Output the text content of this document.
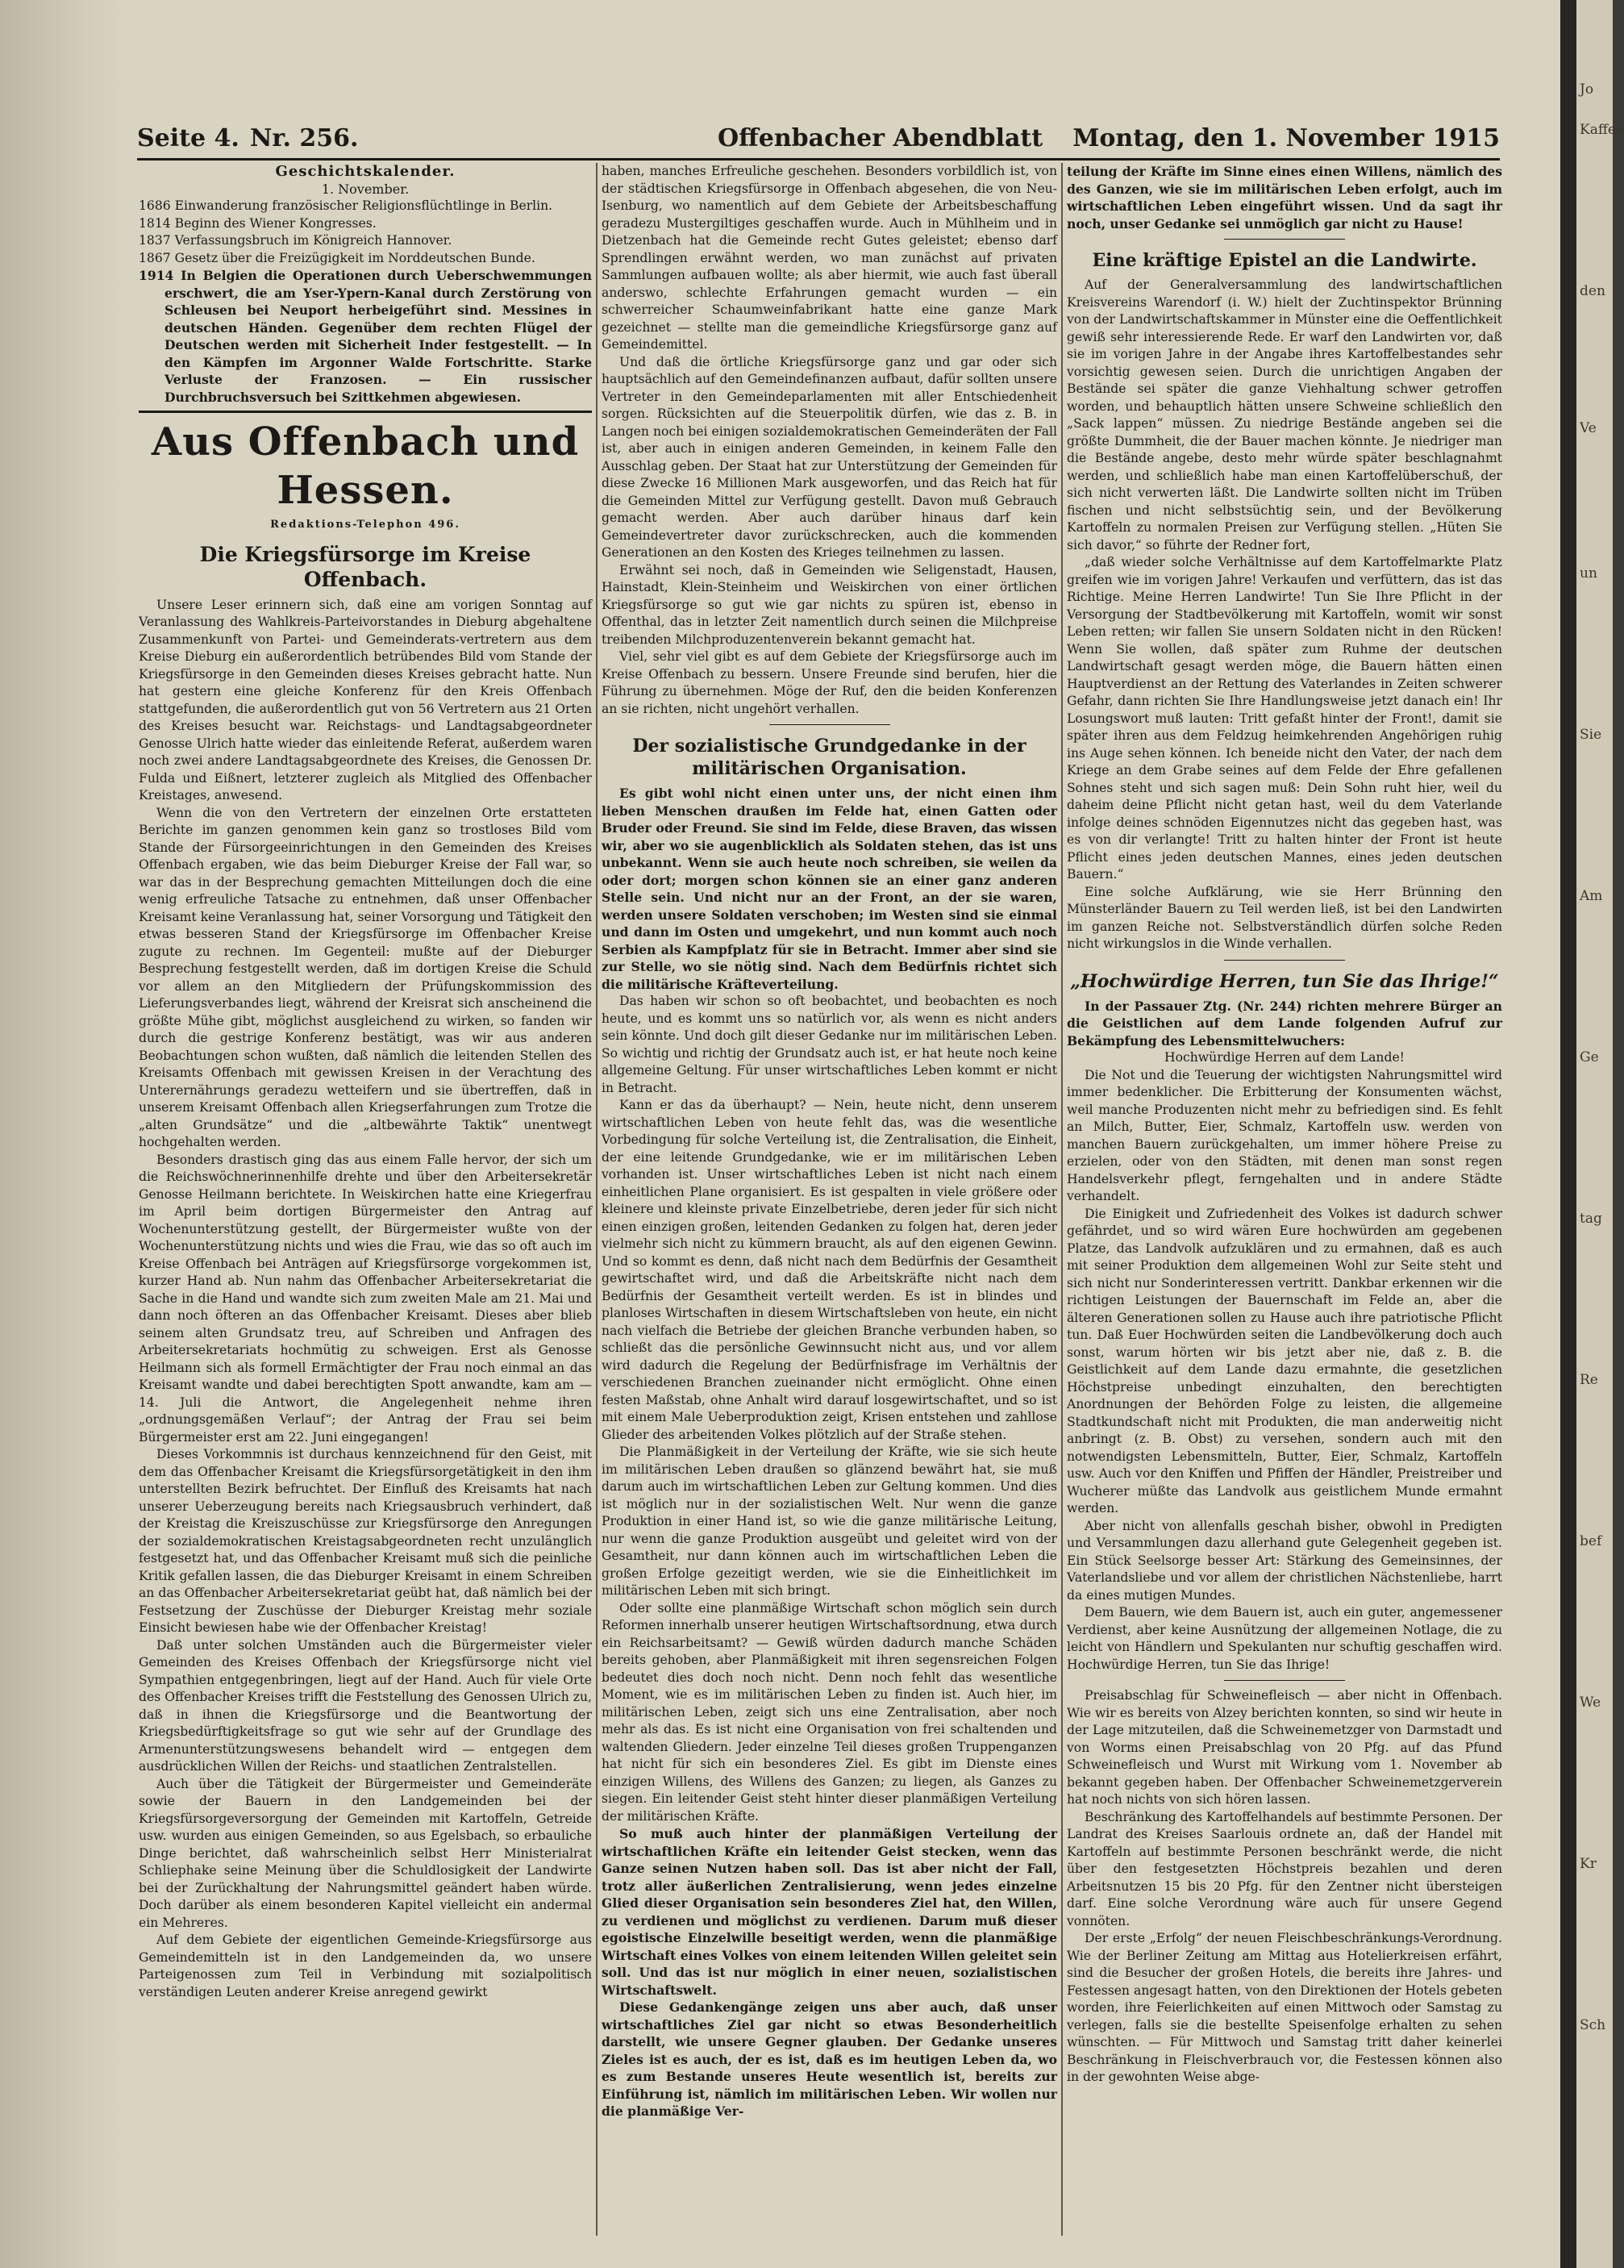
Seite 4. Nr. 256.	Offenbacher Abendblatt Montag, den 1. November 1915
Geschichtskalender.
1. November.
1686 Einwanderung französischer Religionsflüchtlinge in Berlin.
1814 Beginn des Wiener Kongresses.
1837 Verfassungsbruch im Königreich Hannover.
1867 Gesetz über die Freizügigkeit im Norddeutschen Bunde.
1914 In Belgien die Operationen durch Ueberschwemmungen erschwert, die am Yser-Ypern-Kanal durch Zerstörung von Schleusen bei Neuport herbeigeführt sind. Messines in deutschen Händen. Gegenüber dem rechten Flügel der Deutschen werden mit Sicherheit Inder festgestellt. — In den Kämpfen im Argonner Walde Fortschritte. Starke Verluste der Franzosen. — Ein russischer Durchbruchsversuch bei Szittkehmen abgewiesen.
Aus Offenbach und Hessen.
Redaktions-Telephon 496.
Die Kriegsfürsorge im Kreise Offenbach.

Unsere Leser erinnern sich, daß eine am vorigen Sonntag auf Veranlassung des Wahlkreis-Parteivorstandes in Dieburg abgehaltene Zusammenkunft von Partei- und Gemeinderats-vertretern aus dem Kreise Dieburg ein außerordentlich betrübendes Bild vom Stande der Kriegsfürsorge in den Gemeinden dieses Kreises gebracht hatte. Nun hat gestern eine gleiche Konferenz für den Kreis Offenbach stattgefunden, die außerordentlich gut von 56 Vertretern aus 21 Orten des Kreises besucht war. Reichstags- und Landtagsabgeordneter Genosse Ulrich hatte wieder das einleitende Referat, außerdem waren noch zwei andere Landtagsabgeordnete des Kreises, die Genossen Dr. Fulda und Eißnert, letzterer zugleich als Mitglied des Offenbacher Kreistages, anwesend.

Wenn die von den Vertretern der einzelnen Orte erstatteten Berichte im ganzen genommen kein ganz so trostloses Bild vom Stande der Fürsorgeeinrichtungen in den Gemeinden des Kreises Offenbach ergaben, wie das beim Dieburger Kreise der Fall war, so war das in der Besprechung gemachten Mitteilungen doch die eine wenig erfreuliche Tatsache zu entnehmen, daß unser Offenbacher Kreisamt keine Veranlassung hat, seiner Vorsorgung und Tätigkeit den etwas besseren Stand der Kriegsfürsorge im Offenbacher Kreise zugute zu rechnen. Im Gegenteil: mußte auf der Dieburger Besprechung festgestellt werden, daß im dortigen Kreise die Schuld vor allem an den Mitgliedern der Prüfungskommission des Lieferungsverbandes liegt, während der Kreisrat sich anscheinend die größte Mühe gibt, möglichst ausgleichend zu wirken, so fanden wir durch die gestrige Konferenz bestätigt, was wir aus anderen Beobachtungen schon wußten, daß nämlich die leitenden Stellen des Kreisamts Offenbach mit gewissen Kreisen in der Verachtung des Unterernährungs geradezu wetteifern und sie übertreffen, daß in unserem Kreisamt Offenbach allen Kriegserfahrungen zum Trotze die „alten Grundsätze“ und die „altbewährte Taktik“ unentwegt hochgehalten werden.

Besonders drastisch ging das aus einem Falle hervor, der sich um die Reichswöchnerinnenhilfe drehte und über den Arbeitersekretär Genosse Heilmann berichtete. In Weiskirchen hatte eine Kriegerfrau im April beim dortigen Bürgermeister den Antrag auf Wochenunterstützung gestellt, der Bürgermeister wußte von der Wochenunterstützung nichts und wies die Frau, wie das so oft auch im Kreise Offenbach bei Anträgen auf Kriegsfürsorge vorgekommen ist, kurzer Hand ab. Nun nahm das Offenbacher Arbeitersekretariat die Sache in die Hand und wandte sich zum zweiten Male am 21. Mai und dann noch öfteren an das Offenbacher Kreisamt. Dieses aber blieb seinem alten Grundsatz treu, auf Schreiben und Anfragen des Arbeitersekretariats hochmütig zu schweigen. Erst als Genosse Heilmann sich als formell Ermächtigter der Frau noch einmal an das Kreisamt wandte und dabei berechtigten Spott anwandte, kam am — 14. Juli die Antwort, die Angelegenheit nehme ihren „ordnungsgemäßen Verlauf“; der Antrag der Frau sei beim Bürgermeister erst am 22. Juni eingegangen!

Dieses Vorkommnis ist durchaus kennzeichnend für den Geist, mit dem das Offenbacher Kreisamt die Kriegsfürsorgetätigkeit in den ihm unterstellten Bezirk befruchtet. Der Einfluß des Kreisamts hat nach unserer Ueberzeugung bereits nach Kriegsausbruch verhindert, daß der Kreistag die Kreiszuschüsse zur Kriegsfürsorge den Anregungen der sozialdemokratischen Kreistagsabgeordneten recht unzulänglich festgesetzt hat, und das Offenbacher Kreisamt muß sich die peinliche Kritik gefallen lassen, die das Dieburger Kreisamt in einem Schreiben an das Offenbacher Arbeitersekretariat geübt hat, daß nämlich bei der Festsetzung der Zuschüsse der Dieburger Kreistag mehr soziale Einsicht bewiesen habe wie der Offenbacher Kreistag!

Daß unter solchen Umständen auch die Bürgermeister vieler Gemeinden des Kreises Offenbach der Kriegsfürsorge nicht viel Sympathien entgegenbringen, liegt auf der Hand. Auch für viele Orte des Offenbacher Kreises trifft die Feststellung des Genossen Ulrich zu, daß in ihnen die Kriegsfürsorge und die Beantwortung der Kriegsbedürftigkeitsfrage so gut wie sehr auf der Grundlage des Armenunterstützungswesens behandelt wird — entgegen dem ausdrücklichen Willen der Reichs- und staatlichen Zentralstellen.

Auch über die Tätigkeit der Bürgermeister und Gemeinderäte sowie der Bauern in den Landgemeinden bei der Kriegsfürsorgeversorgung der Gemeinden mit Kartoffeln, Getreide usw. wurden aus einigen Gemeinden, so aus Egelsbach, so erbauliche Dinge berichtet, daß wahrscheinlich selbst Herr Ministerialrat Schliephake seine Meinung über die Schuldlosigkeit der Landwirte bei der Zurückhaltung der Nahrungsmittel geändert haben würde. Doch darüber als einem besonderen Kapitel vielleicht ein andermal ein Mehreres.

Auf dem Gebiete der eigentlichen Gemeinde-Kriegsfürsorge aus Gemeindemitteln ist in den Landgemeinden da, wo unsere Parteigenossen zum Teil in Verbindung mit sozialpolitisch verständigen Leuten anderer Kreise anregend gewirkt

haben, manches Erfreuliche geschehen. Besonders vorbildlich ist, von der städtischen Kriegsfürsorge in Offenbach abgesehen, die von Neu-Isenburg, wo namentlich auf dem Gebiete der Arbeitsbeschaffung geradezu Mustergiltiges geschaffen wurde. Auch in Mühlheim und in Dietzenbach hat die Gemeinde recht Gutes geleistet; ebenso darf Sprendlingen erwähnt werden, wo man zunächst auf privaten Sammlungen aufbauen wollte; als aber hiermit, wie auch fast überall anderswo, schlechte Erfahrungen gemacht wurden — ein schwerreicher Schaumweinfabrikant hatte eine ganze Mark gezeichnet — stellte man die gemeindliche Kriegsfürsorge ganz auf Gemeindemittel.

Und daß die örtliche Kriegsfürsorge ganz und gar oder sich hauptsächlich auf den Gemeindefinanzen aufbaut, dafür sollten unsere Vertreter in den Gemeindeparlamenten mit aller Entschiedenheit sorgen. Rücksichten auf die Steuerpolitik dürfen, wie das z. B. in Langen noch bei einigen sozialdemokratischen Gemeinderäten der Fall ist, aber auch in einigen anderen Gemeinden, in keinem Falle den Ausschlag geben. Der Staat hat zur Unterstützung der Gemeinden für diese Zwecke 16 Millionen Mark ausgeworfen, und das Reich hat für die Gemeinden Mittel zur Verfügung gestellt. Davon muß Gebrauch gemacht werden. Aber auch darüber hinaus darf kein Gemeindevertreter davor zurückschrecken, auch die kommenden Generationen an den Kosten des Krieges teilnehmen zu lassen.

Erwähnt sei noch, daß in Gemeinden wie Seligenstadt, Hausen, Hainstadt, Klein-Steinheim und Weiskirchen von einer örtlichen Kriegsfürsorge so gut wie gar nichts zu spüren ist, ebenso in Offenthal, das in letzter Zeit namentlich durch seinen die Milchpreise treibenden Milchproduzentenverein bekannt gemacht hat.

Viel, sehr viel gibt es auf dem Gebiete der Kriegsfürsorge auch im Kreise Offenbach zu bessern. Unsere Freunde sind berufen, hier die Führung zu übernehmen. Möge der Ruf, den die beiden Konferenzen an sie richten, nicht ungehört verhallen.

Der sozialistische Grundgedanke in der militärischen Organisation.

Es gibt wohl nicht einen unter uns, der nicht einen ihm lieben Menschen draußen im Felde hat, einen Gatten oder Bruder oder Freund. Sie sind im Felde, diese Braven, das wissen wir, aber wo sie augenblicklich als Soldaten stehen, das ist uns unbekannt. Wenn sie auch heute noch schreiben, sie weilen da oder dort; morgen schon können sie an einer ganz anderen Stelle sein. Und nicht nur an der Front, an der sie waren, werden unsere Soldaten verschoben; im Westen sind sie einmal und dann im Osten und umgekehrt, und nun kommt auch noch Serbien als Kampfplatz für sie in Betracht. Immer aber sind sie zur Stelle, wo sie nötig sind. Nach dem Bedürfnis richtet sich die militärische Kräfteverteilung.

Das haben wir schon so oft beobachtet, und beobachten es noch heute, und es kommt uns so natürlich vor, als wenn es nicht anders sein könnte. Und doch gilt dieser Gedanke nur im militärischen Leben. So wichtig und richtig der Grundsatz auch ist, er hat heute noch keine allgemeine Geltung. Für unser wirtschaftliches Leben kommt er nicht in Betracht.

Kann er das da überhaupt? — Nein, heute nicht, denn unserem wirtschaftlichen Leben von heute fehlt das, was die wesentliche Vorbedingung für solche Verteilung ist, die Zentralisation, die Einheit, der eine leitende Grundgedanke, wie er im militärischen Leben vorhanden ist. Unser wirtschaftliches Leben ist nicht nach einem einheitlichen Plane organisiert. Es ist gespalten in viele größere oder kleinere und kleinste private Einzelbetriebe, deren jeder für sich nicht einen einzigen großen, leitenden Gedanken zu folgen hat, deren jeder vielmehr sich nicht zu kümmern braucht, als auf den eigenen Gewinn. Und so kommt es denn, daß nicht nach dem Bedürfnis der Gesamtheit gewirtschaftet wird, und daß die Arbeitskräfte nicht nach dem Bedürfnis der Gesamtheit verteilt werden. Es ist in blindes und planloses Wirtschaften in diesem Wirtschaftsleben von heute, ein nicht nach vielfach die Betriebe der gleichen Branche verbunden haben, so schließt das die persönliche Gewinnsucht nicht aus, und vor allem wird dadurch die Regelung der Bedürfnisfrage im Verhältnis der verschiedenen Branchen zueinander nicht ermöglicht. Ohne einen festen Maßstab, ohne Anhalt wird darauf losgewirtschaftet, und so ist mit einem Male Ueberproduktion zeigt, Krisen entstehen und zahllose Glieder des arbeitenden Volkes plötzlich auf der Straße stehen.

Die Planmäßigkeit in der Verteilung der Kräfte, wie sie sich heute im militärischen Leben draußen so glänzend bewährt hat, sie muß darum auch im wirtschaftlichen Leben zur Geltung kommen. Und dies ist möglich nur in der sozialistischen Welt. Nur wenn die ganze Produktion in einer Hand ist, so wie die ganze militärische Leitung, nur wenn die ganze Produktion ausgeübt und geleitet wird von der Gesamtheit, nur dann können auch im wirtschaftlichen Leben die großen Erfolge gezeitigt werden, wie sie die Einheitlichkeit im militärischen Leben mit sich bringt.

Oder sollte eine planmäßige Wirtschaft schon möglich sein durch Reformen innerhalb unserer heutigen Wirtschaftsordnung, etwa durch ein Reichsarbeitsamt? — Gewiß würden dadurch manche Schäden bereits gehoben, aber Planmäßigkeit mit ihren segensreichen Folgen bedeutet dies doch noch nicht. Denn noch fehlt das wesentliche Moment, wie es im militärischen Leben zu finden ist. Auch hier, im militärischen Leben, zeigt sich uns eine Zentralisation, aber noch mehr als das. Es ist nicht eine Organisation von frei schaltenden und waltenden Gliedern. Jeder einzelne Teil dieses großen Truppenganzen hat nicht für sich ein besonderes Ziel. Es gibt im Dienste eines einzigen Willens, des Willens des Ganzen; zu liegen, als Ganzes zu siegen. Ein leitender Geist steht hinter dieser planmäßigen Verteilung der militärischen Kräfte.

So muß auch hinter der planmäßigen Verteilung der wirtschaftlichen Kräfte ein leitender Geist stecken, wenn das Ganze seinen Nutzen haben soll. Das ist aber nicht der Fall, trotz aller äußerlichen Zentralisierung, wenn jedes einzelne Glied dieser Organisation sein besonderes Ziel hat, den Willen, zu verdienen und möglichst zu verdienen. Darum muß dieser egoistische Einzelwille beseitigt werden, wenn die planmäßige Wirtschaft eines Volkes von einem leitenden Willen geleitet sein soll. Und das ist nur möglich in einer neuen, sozialistischen Wirtschaftswelt.

Diese Gedankengänge zeigen uns aber auch, daß unser wirtschaftliches Ziel gar nicht so etwas Besonderheitlich darstellt, wie unsere Gegner glauben. Der Gedanke unseres Zieles ist es auch, der es ist, daß es im heutigen Leben da, wo es zum Bestande unseres Heute wesentlich ist, bereits zur Einführung ist, nämlich im militärischen Leben. Wir wollen nur die planmäßige Ver-

teilung der Kräfte im Sinne eines einen Willens, nämlich des des Ganzen, wie sie im militärischen Leben erfolgt, auch im wirtschaftlichen Leben eingeführt wissen. Und da sagt ihr noch, unser Gedanke sei unmöglich gar nicht zu Hause!

Eine kräftige Epistel an die Landwirte.

Auf der Generalversammlung des landwirtschaftlichen Kreisvereins Warendorf (i. W.) hielt der Zuchtinspektor Brünning von der Landwirtschaftskammer in Münster eine die Oeffentlichkeit gewiß sehr interessierende Rede. Er warf den Landwirten vor, daß sie im vorigen Jahre in der Angabe ihres Kartoffelbestandes sehr vorsichtig gewesen seien. Durch die unrichtigen Angaben der Bestände sei später die ganze Viehhaltung schwer getroffen worden, und behauptlich hätten unsere Schweine schließlich den „Sack lappen“ müssen. Zu niedrige Bestände angeben sei die größte Dummheit, die der Bauer machen könnte. Je niedriger man die Bestände angebe, desto mehr würde später beschlagnahmt werden, und schließlich habe man einen Kartoffelüberschuß, der sich nicht verwerten läßt. Die Landwirte sollten nicht im Trüben fischen und nicht selbstsüchtig sein, und der Bevölkerung Kartoffeln zu normalen Preisen zur Verfügung stellen. „Hüten Sie sich davor,“ so führte der Redner fort,

„daß wieder solche Verhältnisse auf dem Kartoffelmarkte Platz greifen wie im vorigen Jahre! Verkaufen und verfüttern, das ist das Richtige. Meine Herren Landwirte! Tun Sie Ihre Pflicht in der Versorgung der Stadtbevölkerung mit Kartoffeln, womit wir sonst Leben retten; wir fallen Sie unsern Soldaten nicht in den Rücken! Wenn Sie wollen, daß später zum Ruhme der deutschen Landwirtschaft gesagt werden möge, die Bauern hätten einen Hauptverdienst an der Rettung des Vaterlandes in Zeiten schwerer Gefahr, dann richten Sie Ihre Handlungsweise jetzt danach ein! Ihr Losungswort muß lauten: Tritt gefaßt hinter der Front!, damit sie später ihren aus dem Feldzug heimkehrenden Angehörigen ruhig ins Auge sehen können. Ich beneide nicht den Vater, der nach dem Kriege an dem Grabe seines auf dem Felde der Ehre gefallenen Sohnes steht und sich sagen muß: Dein Sohn ruht hier, weil du daheim deine Pflicht nicht getan hast, weil du dem Vaterlande infolge deines schnöden Eigennutzes nicht das gegeben hast, was es von dir verlangte! Tritt zu halten hinter der Front ist heute Pflicht eines jeden deutschen Mannes, eines jeden deutschen Bauern.“

Eine solche Aufklärung, wie sie Herr Brünning den Münsterländer Bauern zu Teil werden ließ, ist bei den Landwirten im ganzen Reiche not. Selbstverständlich dürfen solche Reden nicht wirkungslos in die Winde verhallen.

„Hochwürdige Herren, tun Sie das Ihrige!“

In der Passauer Ztg. (Nr. 244) richten mehrere Bürger an die Geistlichen auf dem Lande folgenden Aufruf zur Bekämpfung des Lebensmittelwuchers:

Hochwürdige Herren auf dem Lande!

Die Not und die Teuerung der wichtigsten Nahrungsmittel wird immer bedenklicher. Die Erbitterung der Konsumenten wächst, weil manche Produzenten nicht mehr zu befriedigen sind. Es fehlt an Milch, Butter, Eier, Schmalz, Kartoffeln usw. werden von manchen Bauern zurückgehalten, um immer höhere Preise zu erzielen, oder von den Städten, mit denen man sonst regen Handelsverkehr pflegt, ferngehalten und in andere Städte verhandelt.

Die Einigkeit und Zufriedenheit des Volkes ist dadurch schwer gefährdet, und so wird wären Eure hochwürden am gegebenen Platze, das Landvolk aufzuklären und zu ermahnen, daß es auch mit seiner Produktion dem allgemeinen Wohl zur Seite steht und sich nicht nur Sonderinteressen vertritt. Dankbar erkennen wir die richtigen Leistungen der Bauernschaft im Felde an, aber die älteren Generationen sollen zu Hause auch ihre patriotische Pflicht tun. Daß Euer Hochwürden seiten die Landbevölkerung doch auch sonst, warum hörten wir bis jetzt aber nie, daß z. B. die Geistlichkeit auf dem Lande dazu ermahnte, die gesetzlichen Höchstpreise unbedingt einzuhalten, den berechtigten Anordnungen der Behörden Folge zu leisten, die allgemeine Stadtkundschaft nicht mit Produkten, die man anderweitig nicht anbringt (z. B. Obst) zu versehen, sondern auch mit den notwendigsten Lebensmitteln, Butter, Eier, Schmalz, Kartoffeln usw. Auch vor den Kniffen und Pfiffen der Händler, Preistreiber und Wucherer müßte das Landvolk aus geistlichem Munde ermahnt werden.

Aber nicht von allenfalls geschah bisher, obwohl in Predigten und Versammlungen dazu allerhand gute Gelegenheit gegeben ist. Ein Stück Seelsorge besser Art: Stärkung des Gemeinsinnes, der Vaterlandsliebe und vor allem der christlichen Nächstenliebe, harrt da eines mutigen Mundes.

Dem Bauern, wie dem Bauern ist, auch ein guter, angemessener Verdienst, aber keine Ausnützung der allgemeinen Notlage, die zu leicht von Händlern und Spekulanten nur schuftig geschaffen wird. Hochwürdige Herren, tun Sie das Ihrige!

Preisabschlag für Schweinefleisch — aber nicht in Offenbach. Wie wir es bereits von Alzey berichten konnten, so sind wir heute in der Lage mitzuteilen, daß die Schweinemetzger von Darmstadt und von Worms einen Preisabschlag von 20 Pfg. auf das Pfund Schweinefleisch und Wurst mit Wirkung vom 1. November ab bekannt gegeben haben. Der Offenbacher Schweinemetzgerverein hat noch nichts von sich hören lassen.

Beschränkung des Kartoffelhandels auf bestimmte Personen. Der Landrat des Kreises Saarlouis ordnete an, daß der Handel mit Kartoffeln auf bestimmte Personen beschränkt werde, die nicht über den festgesetzten Höchstpreis bezahlen und deren Arbeitsnutzen 15 bis 20 Pfg. für den Zentner nicht übersteigen darf. Eine solche Verordnung wäre auch für unsere Gegend vonnöten.

Der erste „Erfolg“ der neuen Fleischbeschränkungs-Verordnung. Wie der Berliner Zeitung am Mittag aus Hotelierkreisen erfährt, sind die Besucher der großen Hotels, die bereits ihre Jahres- und Festessen angesagt hatten, von den Direktionen der Hotels gebeten worden, ihre Feierlichkeiten auf einen Mittwoch oder Samstag zu verlegen, falls sie die bestellte Speisenfolge erhalten zu sehen wünschten. — Für Mittwoch und Samstag tritt daher keinerlei Beschränkung in Fleischverbrauch vor, die Festessen können also in der gewohnten Weise abge-

Jo
Kaffee
den
Ve
un
Sie
Am
Ge
tag
Re
bef
We
Kr
Sch
